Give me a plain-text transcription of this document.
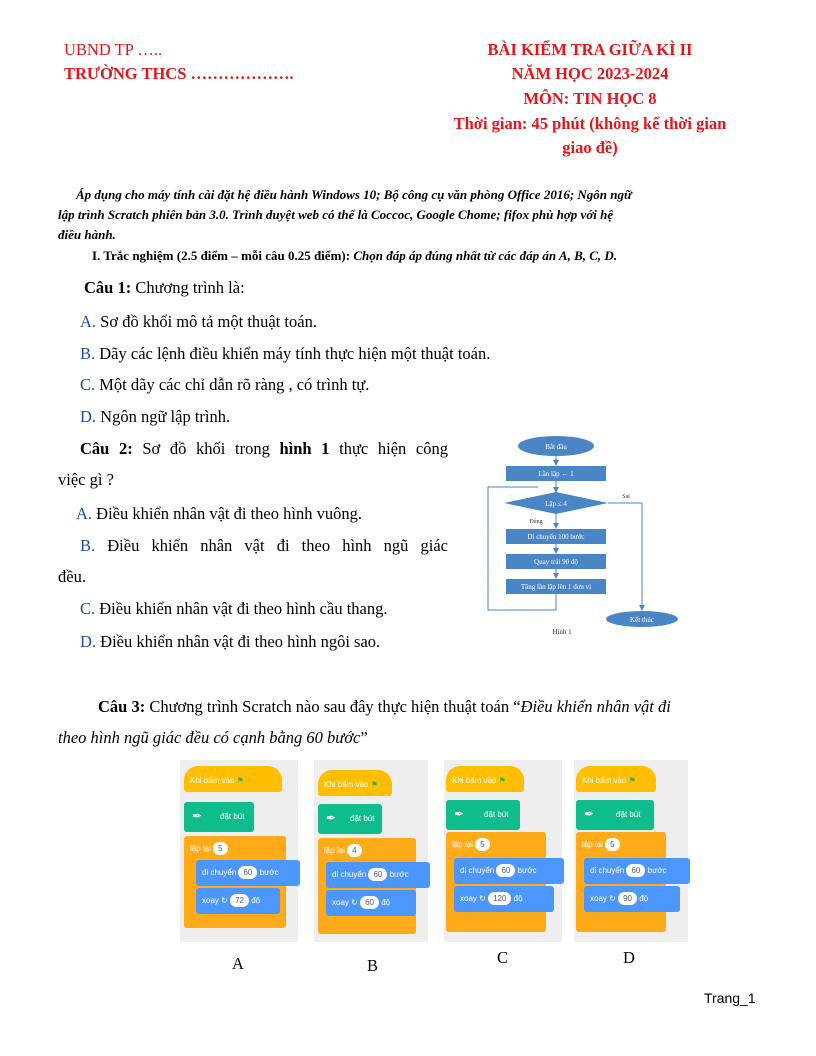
UBND TP …..
TRƯỜNG THCS ……………….
BÀI KIỂM TRA GIỮA KÌ II
NĂM HỌC 2023-2024
MÔN: TIN HỌC 8
Thời gian: 45 phút (không kể thời gian
giao đề)
Áp dụng cho máy tính cài đặt hệ điều hành Windows 10; Bộ công cụ văn phòng Office 2016; Ngôn ngữ
lập trình Scratch phiên bản 3.0. Trình duyệt web có thể là Coccoc, Google Chome; fifox phù hợp với hệ
điều hành.
I. Trắc nghiệm (2.5 điểm – mỗi câu 0.25 điểm): Chọn đáp áp đúng nhất từ các đáp án A, B, C, D.
Câu 1: Chương trình là:
A. Sơ đồ khối mô tả một thuật toán.
B. Dãy các lệnh điều khiển máy tính thực hiện một thuật toán.
C. Một dãy các chỉ dẫn rõ ràng , có trình tự.
D. Ngôn ngữ lập trình.
Câu 2: Sơ đồ khối trong hình 1 thực hiện công
việc gì ?
A. Điều khiển nhân vật đi theo hình vuông.
B. Điều khiển nhân vật đi theo hình ngũ giác
đều.
C. Điều khiển nhân vật đi theo hình cầu thang.
D. Điều khiển nhân vật đi theo hình ngôi sao.
Bắt đầu
Lần lặp ← 1
Lặp ≤ 4
Đúng
Sai
Di chuyển 100 bước
Quay trái 90 độ
Tăng lần lặp lên 1 đơn vị
Kết thúc
Hình 1
Câu 3: Chương trình Scratch nào sau đây thực hiện thuật toán “Điều khiển nhân vật đi
theo hình ngũ giác đều có cạnh bằng 60 bước”
Khi bấm vào ⚑
✒ đặt bút
lặp lại 5
di chuyển 60 bước
xoay ↻ 72 độ
Khi bấm vào ⚑
✒ đặt bút
lặp lại 4
di chuyển 60 bước
xoay ↻ 60 độ
Khi bấm vào ⚑
✒ đặt bút
lặp lại 5
di chuyển 60 bước
xoay ↻ 120 độ
Khi bấm vào ⚑
✒	đặt bút
lặp lại 5
di chuyển 60 bước
xoay ↻ 90 độ
A	B	C	D
Trang_1
